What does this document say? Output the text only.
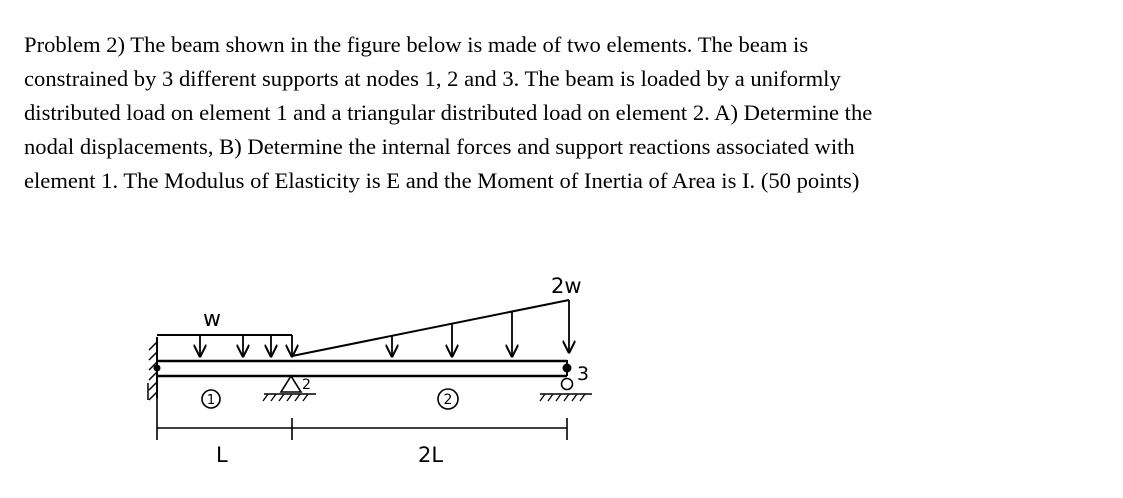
Problem 2) The beam shown in the figure below is made of two elements. The beam is
constrained by 3 different supports at nodes 1, 2 and 3. The beam is loaded by a uniformly
distributed load on element 1 and a triangular distributed load on element 2. A) Determine the
nodal displacements, B) Determine the internal forces and support reactions associated with
element 1. The Modulus of Elasticity is E and the Moment of Inertia of Area is I. (50 points)
2	3
w
2w
1	2
L	2L
